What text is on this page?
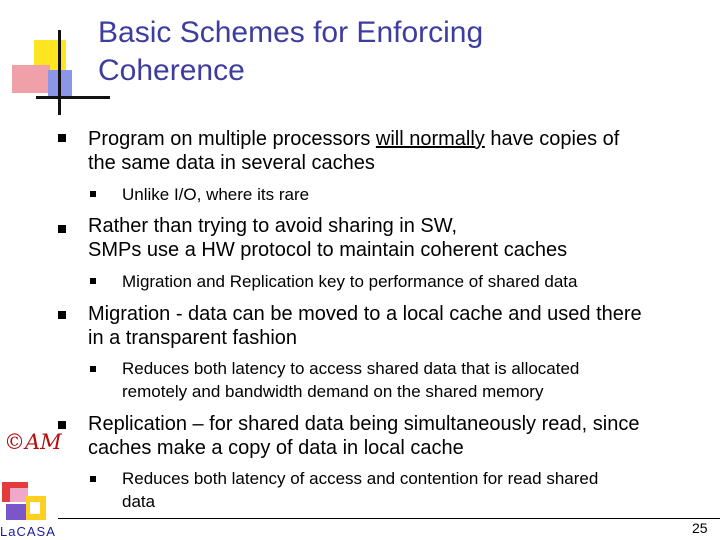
Basic Schemes for Enforcing
Coherence
Program on multiple processors will normally have copies of
the same data in several caches
Unlike I/O, where its rare
Rather than trying to avoid sharing in SW,
SMPs use a HW protocol to maintain coherent caches
Migration and Replication key to performance of shared data
Migration - data can be moved to a local cache and used there
in a transparent fashion
Reduces both latency to access shared data that is allocated
remotely and bandwidth demand on the shared memory
Replication – for shared data being simultaneously read, since
caches make a copy of data in local cache
Reduces both latency of access and contention for read shared
data
©AM
LaCASA	25
